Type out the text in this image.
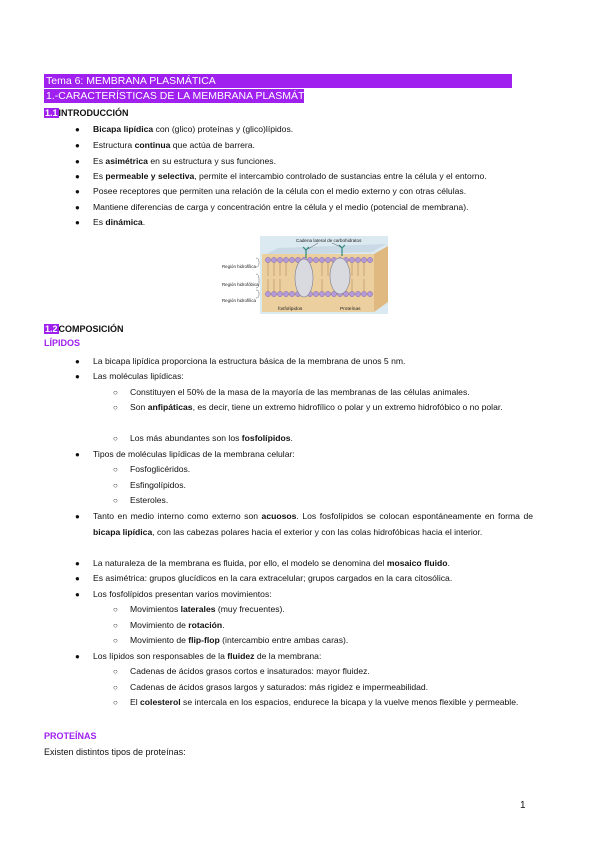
Tema 6: MEMBRANA PLASMÁTICA
1.-CARACTERÍSTICAS DE LA MEMBRANA PLASMÁTICA
1.1INTRODUCCIÓN
● Bicapa lipídica con (glico) proteínas y (glico)lípidos.
● Estructura continua que actúa de barrera.
● Es asimétrica en su estructura y sus funciones.
● Es permeable y selectiva, permite el intercambio controlado de sustancias entre la célula y el entorno.
● Posee receptores que permiten una relación de la célula con el medio externo y con otras células.
● Mantiene diferencias de carga y concentración entre la célula y el medio (potencial de membrana).
● Es dinámica.
Cadena lateral de carbohidratos
Región hidrofílica
Región hidrofóbica
Región hidrofílica
fosfolípidos	Proteínas
1.2COMPOSICIÓN
LÍPIDOS
● La bicapa lipídica proporciona la estructura básica de la membrana de unos 5 nm.
● Las moléculas lipídicas:
○ Constituyen el 50% de la masa de la mayoría de las membranas de las células animales.
○ Son anfipáticas, es decir, tiene un extremo hidrofílico o polar y un extremo hidrofóbico o no polar.
○ Los más abundantes son los fosfolípidos.
● Tipos de moléculas lipídicas de la membrana celular:
○ Fosfoglicéridos.
○ Esfingolípidos.
○ Esteroles.
● Tanto en medio interno como externo son acuosos. Los fosfolípidos se colocan espontáneamente en forma de bicapa lipídica, con las cabezas polares hacia el exterior y con las colas hidrofóbicas hacia el interior.
● La naturaleza de la membrana es fluida, por ello, el modelo se denomina del mosaico fluido.
● Es asimétrica: grupos glucídicos en la cara extracelular; grupos cargados en la cara citosólica.
● Los fosfolípidos presentan varios movimientos:
○ Movimientos laterales (muy frecuentes).
○ Movimiento de rotación.
○ Movimiento de flip-flop (intercambio entre ambas caras).
● Los lípidos son responsables de la fluidez de la membrana:
○ Cadenas de ácidos grasos cortos e insaturados: mayor fluidez.
○ Cadenas de ácidos grasos largos y saturados: más rigidez e impermeabilidad.
○ El colesterol se intercala en los espacios, endurece la bicapa y la vuelve menos flexible y permeable.
PROTEÍNAS
Existen distintos tipos de proteínas:
1
